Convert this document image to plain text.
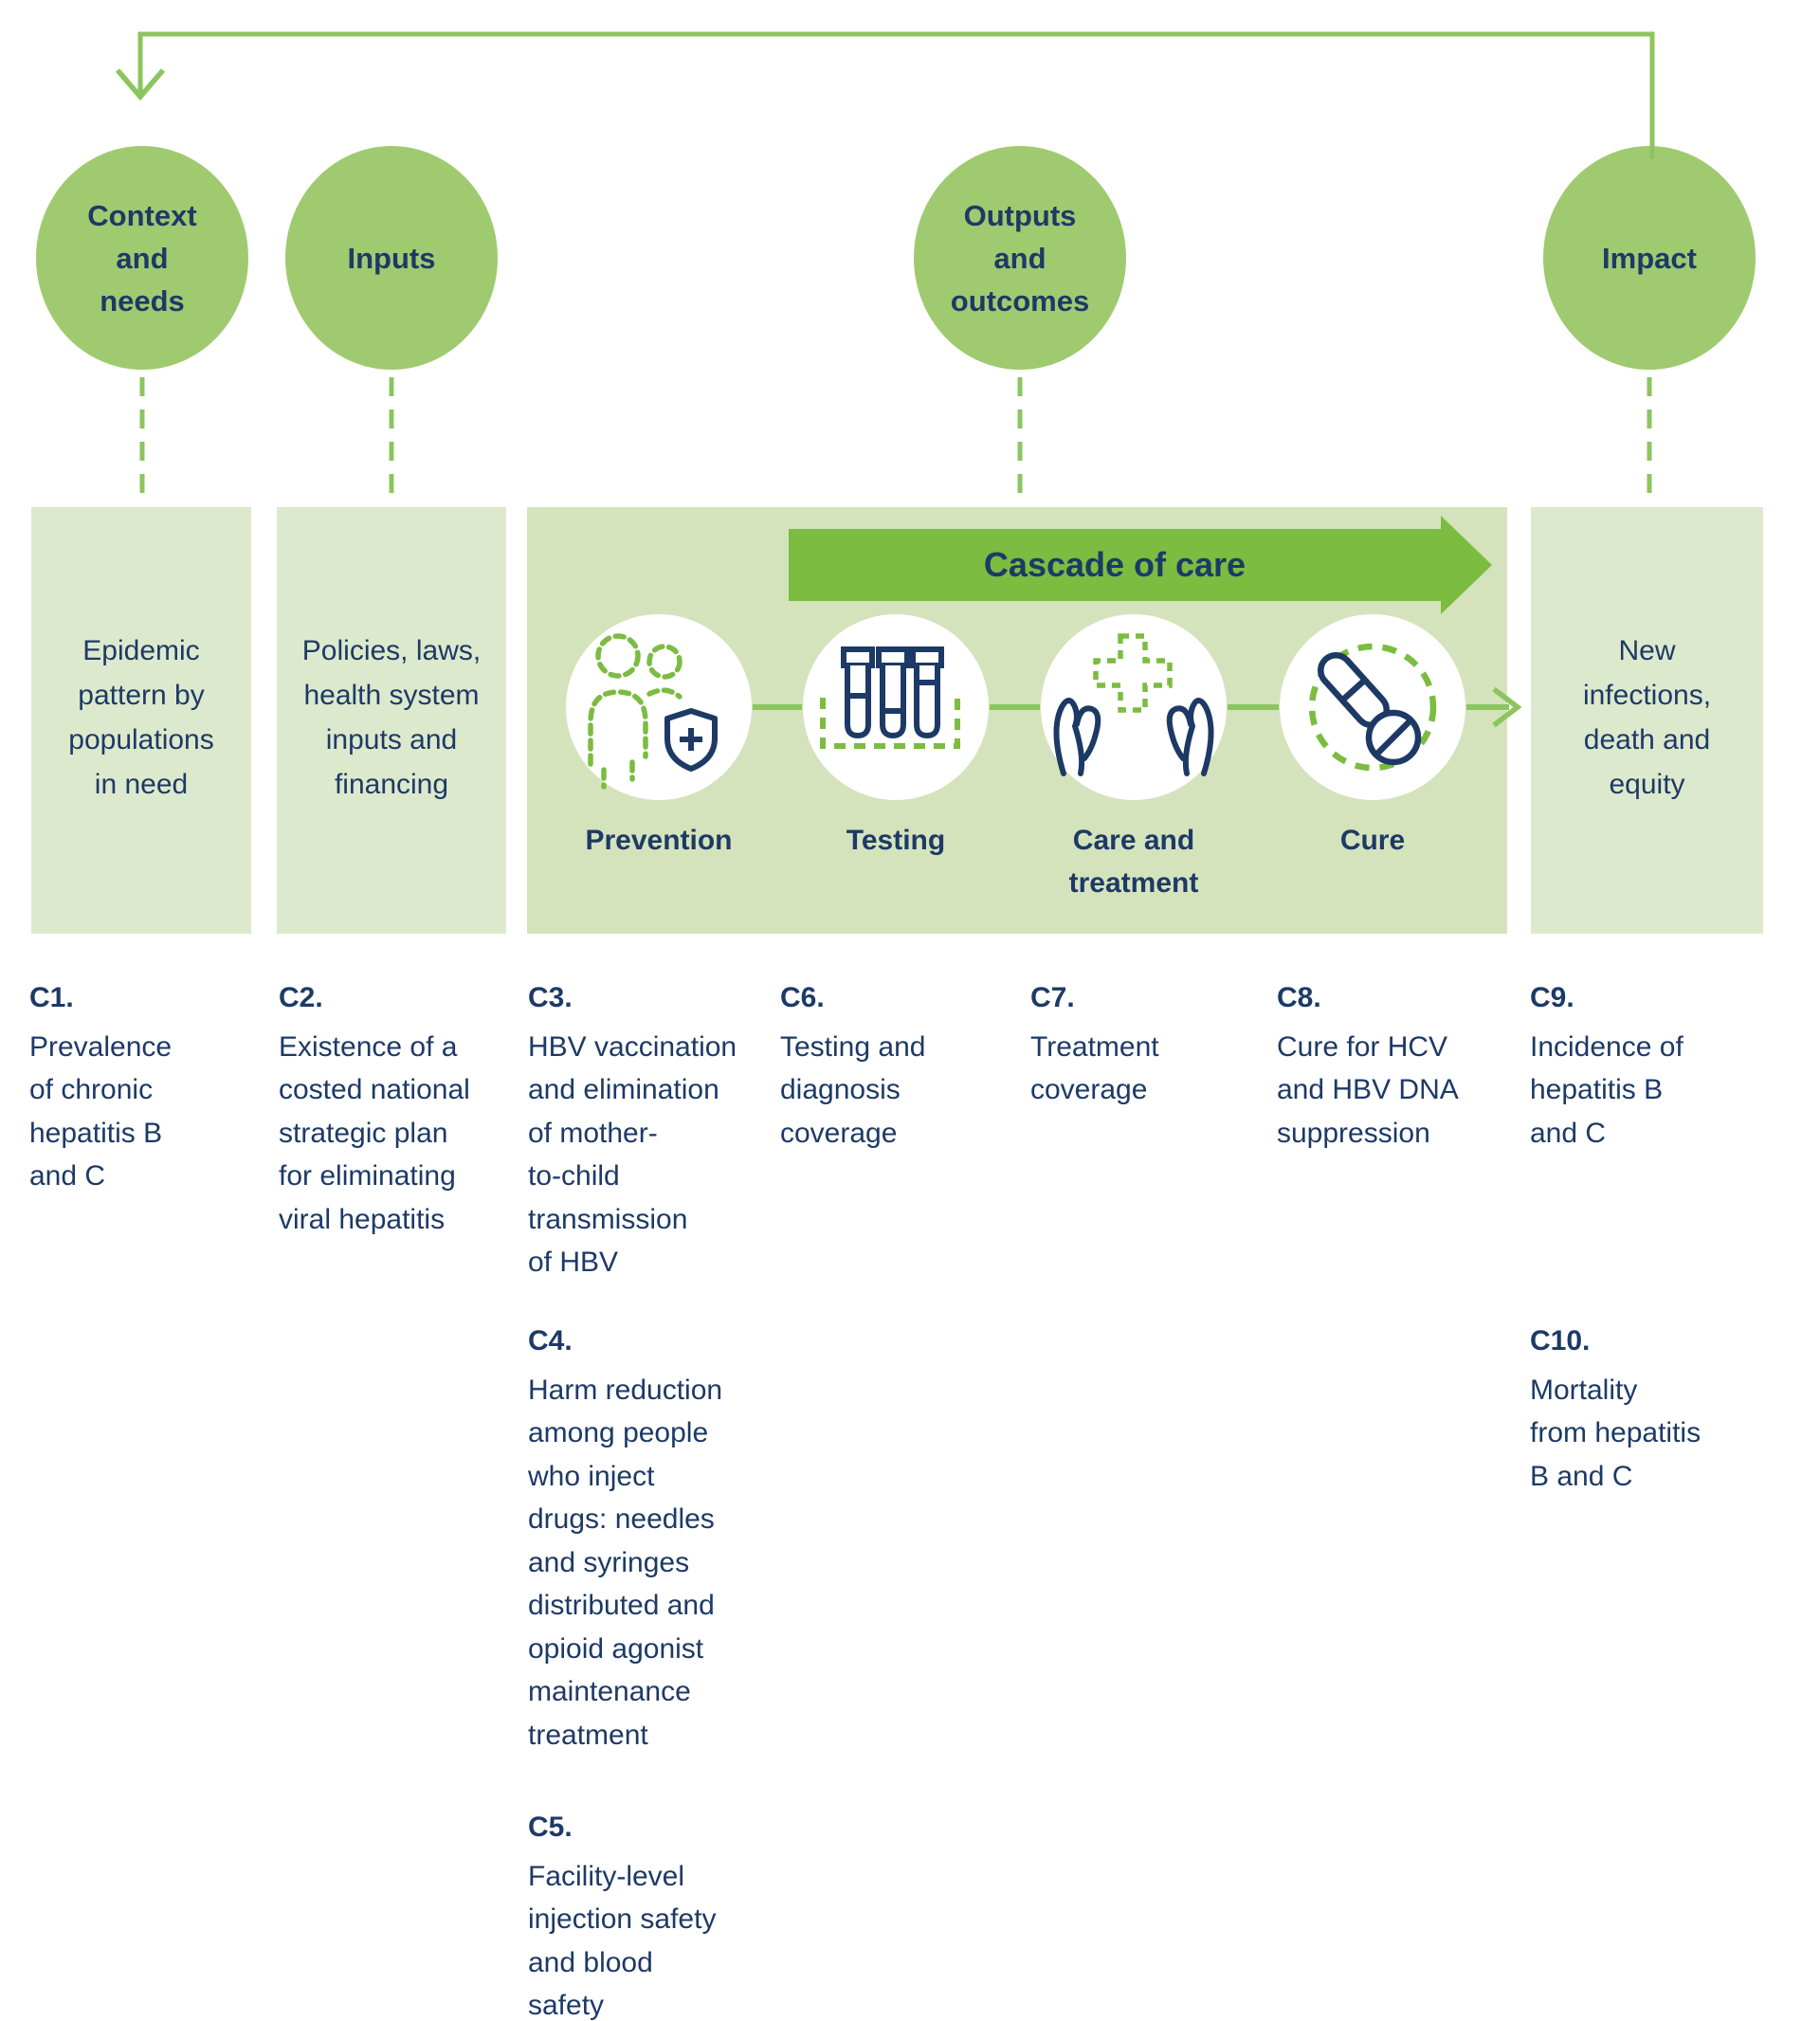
Context
and
needs
Inputs
Outputs
and
outcomes
Impact
Epidemic
pattern by
populations
in need
Policies, laws,
health system
inputs and
financing
New
infections,
death and
equity
Cascade of care
Prevention	Testing	Care and
treatment
Cure
C1.
Prevalence
of chronic
hepatitis B
and C
C2.
Existence of a
costed national
strategic plan
for eliminating
viral hepatitis
C3.
HBV vaccination
and elimination
of mother-
to-child
transmission
of HBV
C6.
Testing and
diagnosis
coverage
C7.
Treatment
coverage
C8.
Cure for HCV
and HBV DNA
suppression
C9.
Incidence of
hepatitis B
and C
C4.
Harm reduction
among people
who inject
drugs: needles
and syringes
distributed and
opioid agonist
maintenance
treatment
C10.
Mortality
from hepatitis
B and C
C5.
Facility-level
injection safety
and blood
safety
